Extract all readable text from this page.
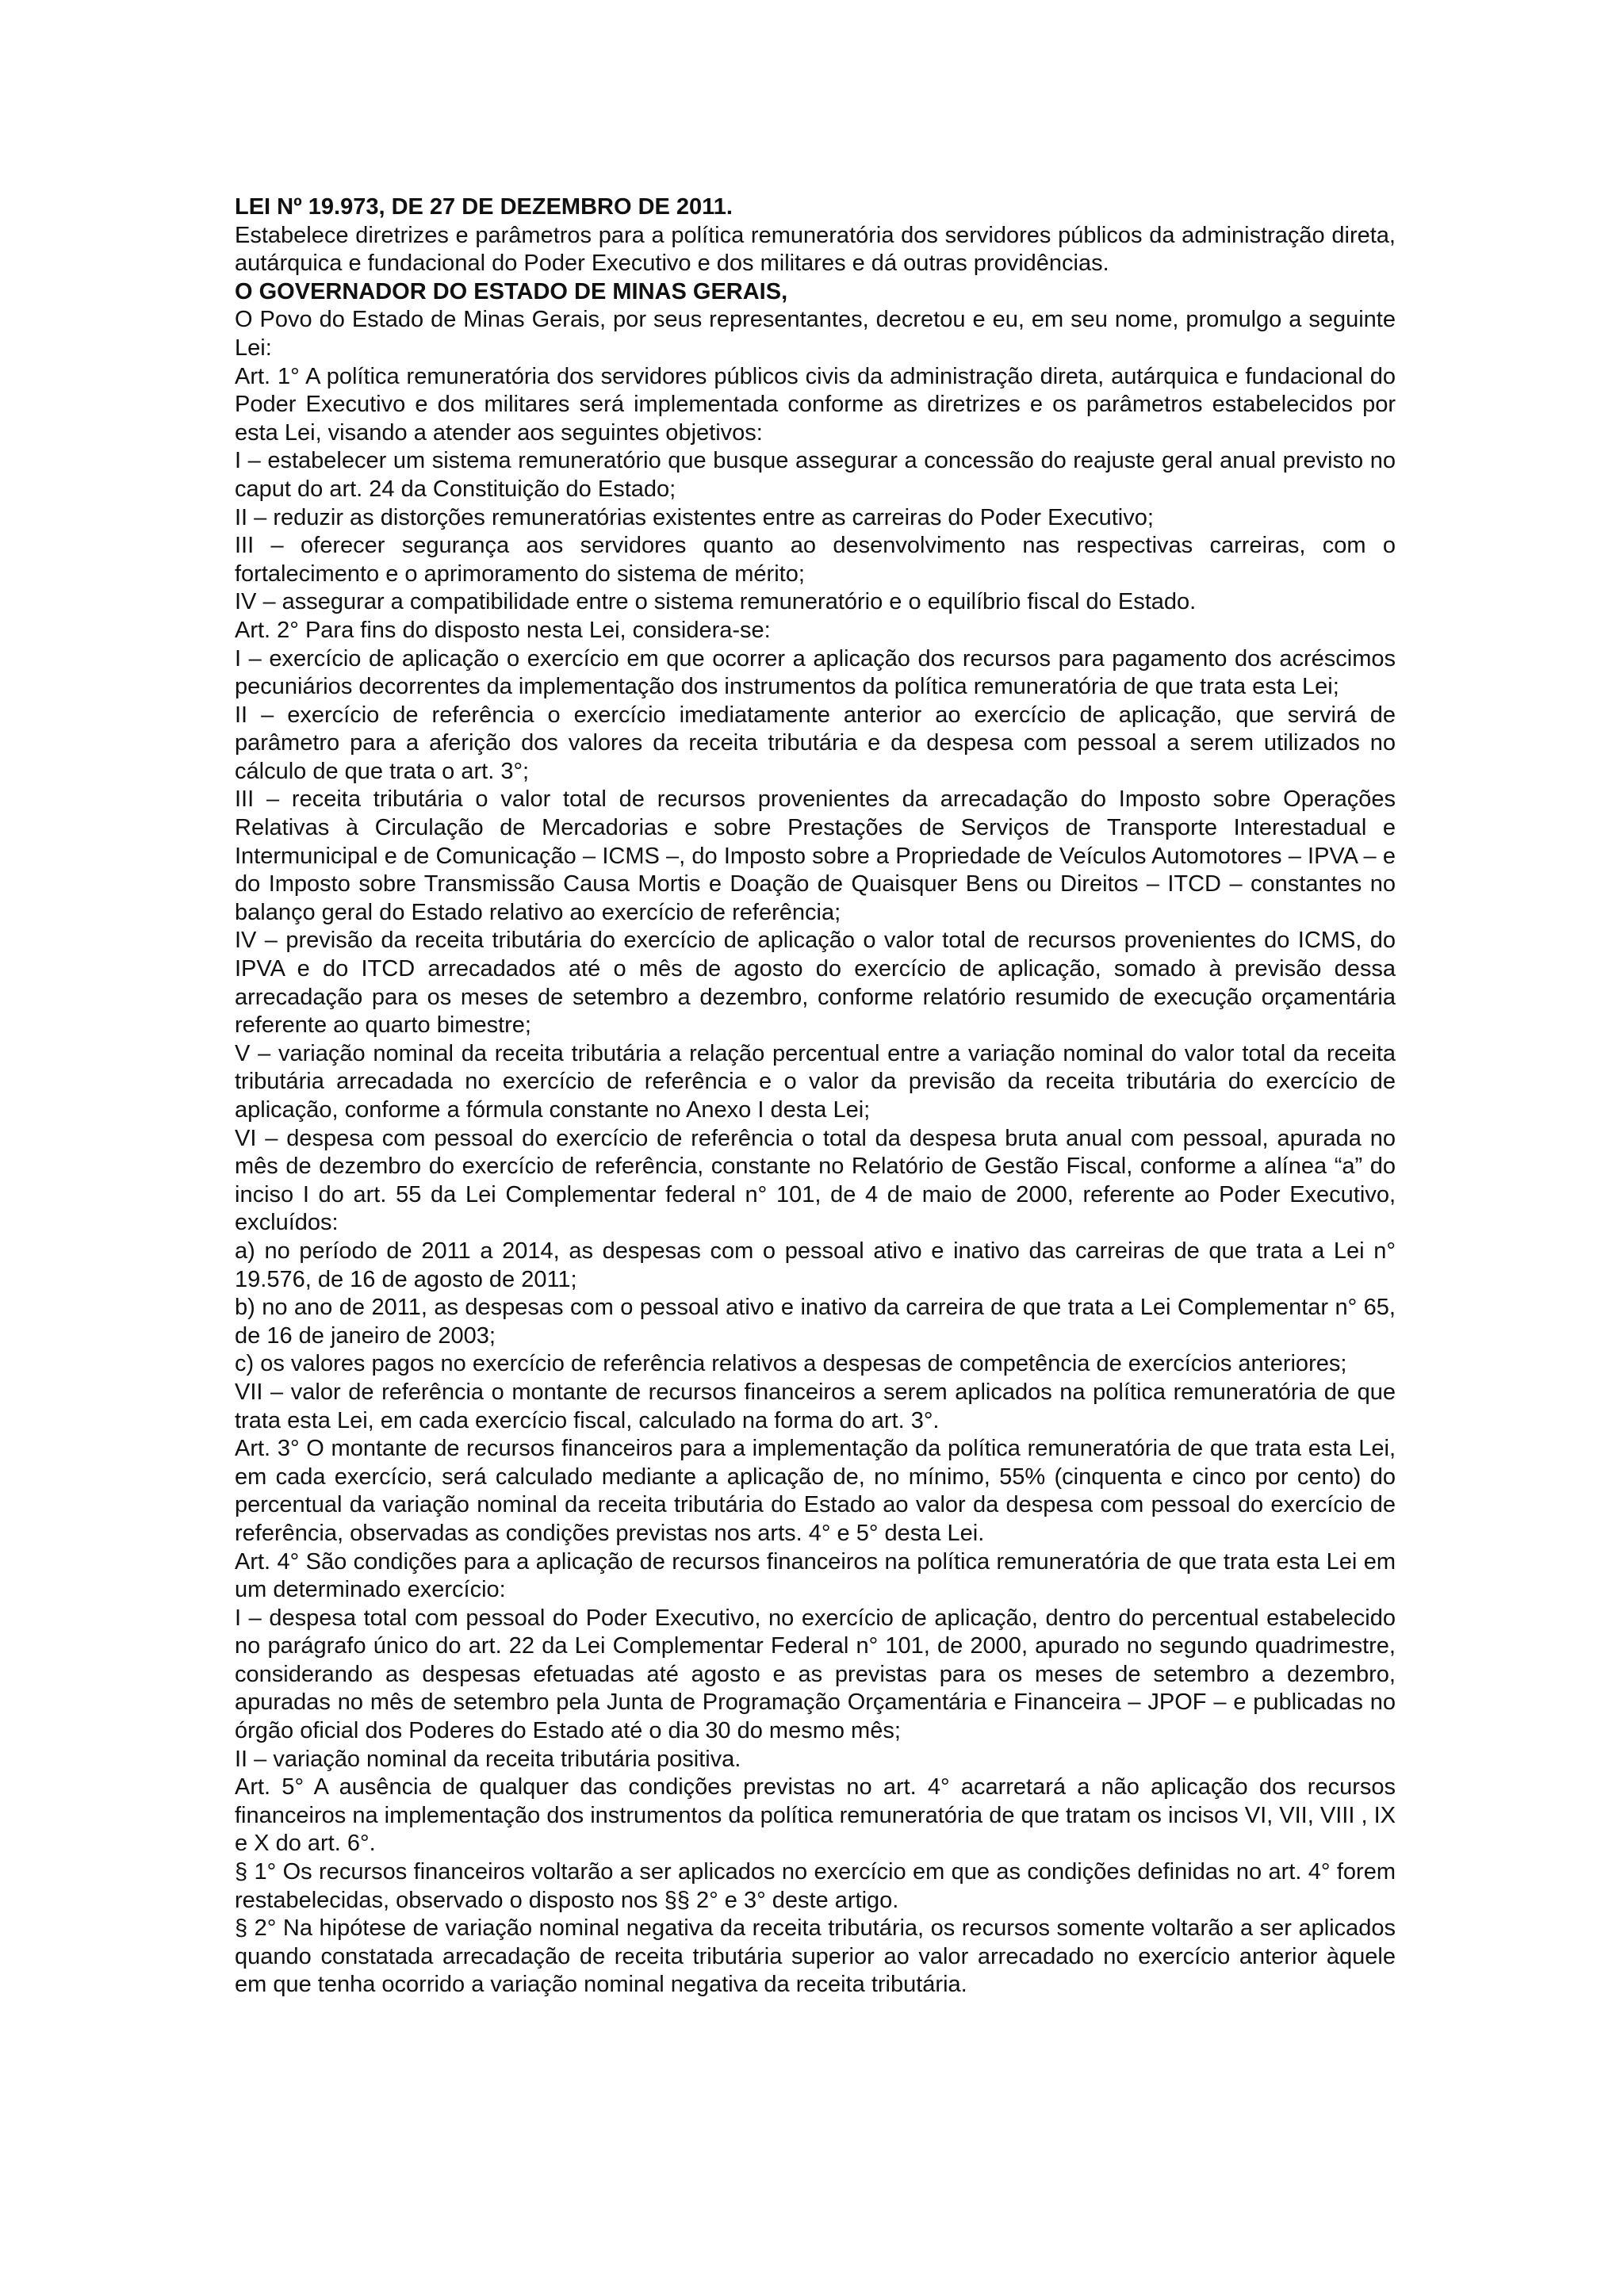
LEI Nº 19.973, DE 27 DE DEZEMBRO DE 2011.

Estabelece diretrizes e parâmetros para a política remuneratória dos servidores públicos da administração direta, autárquica e fundacional do Poder Executivo e dos militares e dá outras providências.

O GOVERNADOR DO ESTADO DE MINAS GERAIS,

O Povo do Estado de Minas Gerais, por seus representantes, decretou e eu, em seu nome, promulgo a seguinte Lei:

Art. 1° A política remuneratória dos servidores públicos civis da administração direta, autárquica e fundacional do Poder Executivo e dos militares será implementada conforme as diretrizes e os parâmetros estabelecidos por esta Lei, visando a atender aos seguintes objetivos:

I – estabelecer um sistema remuneratório que busque assegurar a concessão do reajuste geral anual previsto no caput do art. 24 da Constituição do Estado;

II – reduzir as distorções remuneratórias existentes entre as carreiras do Poder Executivo;

III – oferecer segurança aos servidores quanto ao desenvolvimento nas respectivas carreiras, com o fortalecimento e o aprimoramento do sistema de mérito;

IV – assegurar a compatibilidade entre o sistema remuneratório e o equilíbrio fiscal do Estado.

Art. 2° Para fins do disposto nesta Lei, considera-se:

I – exercício de aplicação o exercício em que ocorrer a aplicação dos recursos para pagamento dos acréscimos pecuniários decorrentes da implementação dos instrumentos da política remuneratória de que trata esta Lei;

II – exercício de referência o exercício imediatamente anterior ao exercício de aplicação, que servirá de parâmetro para a aferição dos valores da receita tributária e da despesa com pessoal a serem utilizados no cálculo de que trata o art. 3°;

III – receita tributária o valor total de recursos provenientes da arrecadação do Imposto sobre Operações Relativas à Circulação de Mercadorias e sobre Prestações de Serviços de Transporte Interestadual e Intermunicipal e de Comunicação – ICMS –, do Imposto sobre a Propriedade de Veículos Automotores – IPVA – e do Imposto sobre Transmissão Causa Mortis e Doação de Quaisquer Bens ou Direitos – ITCD – constantes no balanço geral do Estado relativo ao exercício de referência;

IV – previsão da receita tributária do exercício de aplicação o valor total de recursos provenientes do ICMS, do IPVA e do ITCD arrecadados até o mês de agosto do exercício de aplicação, somado à previsão dessa arrecadação para os meses de setembro a dezembro, conforme relatório resumido de execução orçamentária referente ao quarto bimestre;

V – variação nominal da receita tributária a relação percentual entre a variação nominal do valor total da receita tributária arrecadada no exercício de referência e o valor da previsão da receita tributária do exercício de aplicação, conforme a fórmula constante no Anexo I desta Lei;

VI – despesa com pessoal do exercício de referência o total da despesa bruta anual com pessoal, apurada no mês de dezembro do exercício de referência, constante no Relatório de Gestão Fiscal, conforme a alínea “a” do inciso I do art. 55 da Lei Complementar federal n° 101, de 4 de maio de 2000, referente ao Poder Executivo, excluídos:

a) no período de 2011 a 2014, as despesas com o pessoal ativo e inativo das carreiras de que trata a Lei n° 19.576, de 16 de agosto de 2011;

b) no ano de 2011, as despesas com o pessoal ativo e inativo da carreira de que trata a Lei Complementar n° 65, de 16 de janeiro de 2003;

c) os valores pagos no exercício de referência relativos a despesas de competência de exercícios anteriores;

VII – valor de referência o montante de recursos financeiros a serem aplicados na política remuneratória de que trata esta Lei, em cada exercício fiscal, calculado na forma do art. 3°.

Art. 3° O montante de recursos financeiros para a implementação da política remuneratória de que trata esta Lei, em cada exercício, será calculado mediante a aplicação de, no mínimo, 55% (cinquenta e cinco por cento) do percentual da variação nominal da receita tributária do Estado ao valor da despesa com pessoal do exercício de referência, observadas as condições previstas nos arts. 4° e 5° desta Lei.

Art. 4° São condições para a aplicação de recursos financeiros na política remuneratória de que trata esta Lei em um determinado exercício:

I – despesa total com pessoal do Poder Executivo, no exercício de aplicação, dentro do percentual estabelecido no parágrafo único do art. 22 da Lei Complementar Federal n° 101, de 2000, apurado no segundo quadrimestre, considerando as despesas efetuadas até agosto e as previstas para os meses de setembro a dezembro, apuradas no mês de setembro pela Junta de Programação Orçamentária e Financeira – JPOF – e publicadas no órgão oficial dos Poderes do Estado até o dia 30 do mesmo mês;

II – variação nominal da receita tributária positiva.

Art. 5° A ausência de qualquer das condições previstas no art. 4° acarretará a não aplicação dos recursos financeiros na implementação dos instrumentos da política remuneratória de que tratam os incisos VI, VII, VIII , IX e X do art. 6°.

§ 1° Os recursos financeiros voltarão a ser aplicados no exercício em que as condições definidas no art. 4° forem restabelecidas, observado o disposto nos §§ 2° e 3° deste artigo.

§ 2° Na hipótese de variação nominal negativa da receita tributária, os recursos somente voltarão a ser aplicados quando constatada arrecadação de receita tributária superior ao valor arrecadado no exercício anterior àquele em que tenha ocorrido a variação nominal negativa da receita tributária.
